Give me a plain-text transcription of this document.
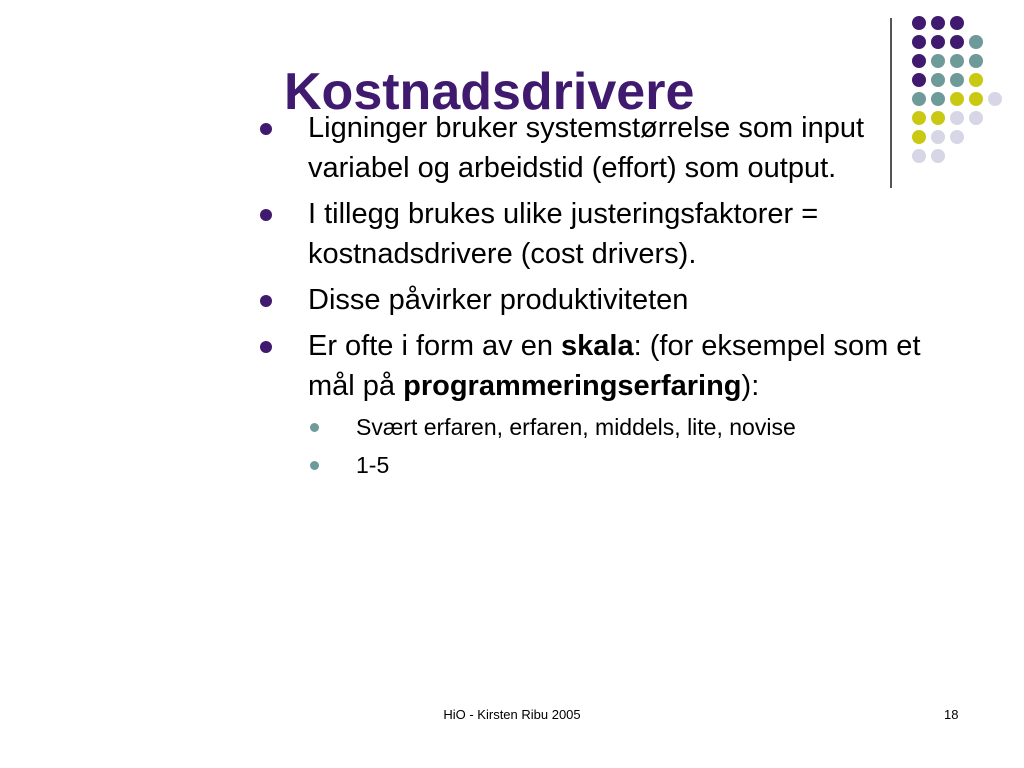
Kostnadsdrivere
Ligninger bruker systemstørrelse som input variabel og arbeidstid (effort) som output.
I tillegg brukes ulike justeringsfaktorer = kostnadsdrivere (cost drivers).
Disse påvirker produktiviteten
Er ofte i form av en skala: (for eksempel som et mål på programmeringserfaring):
Svært erfaren, erfaren, middels, lite, novise
1-5
HiO - Kirsten Ribu 2005	18
